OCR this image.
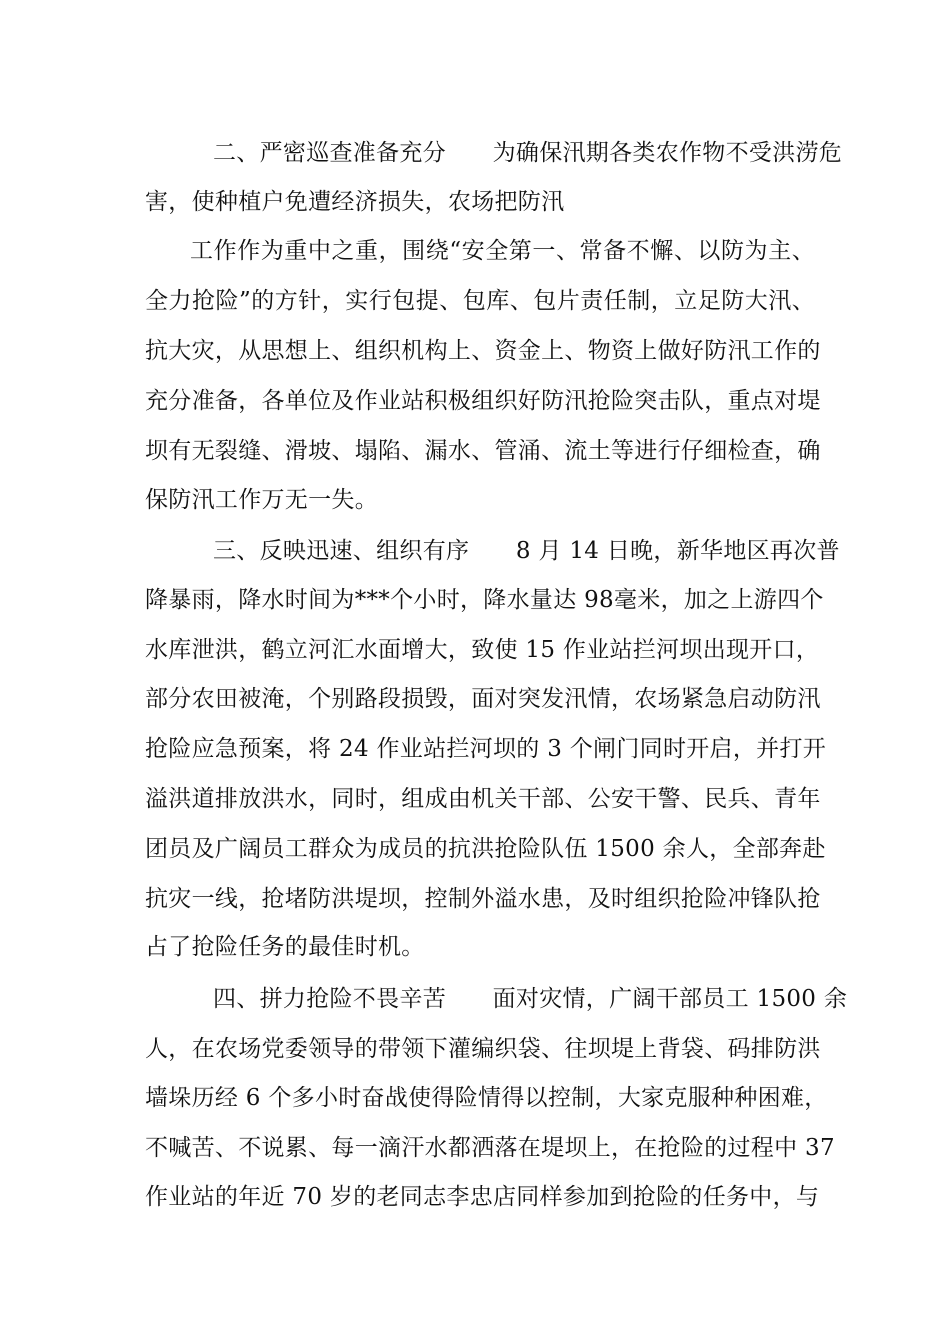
二、严密巡查准备充分　　为确保汛期各类农作物不受洪涝危
害，使种植户免遭经济损失，农场把防汛
工作作为重中之重，围绕“安全第一、常备不懈、以防为主、
全力抢险”的方针，实行包提、包库、包片责任制，立足防大汛、
抗大灾，从思想上、组织机构上、资金上、物资上做好防汛工作的
充分准备，各单位及作业站积极组织好防汛抢险突击队，重点对堤
坝有无裂缝、滑坡、塌陷、漏水、管涌、流土等进行仔细检查，确
保防汛工作万无一失。
三、反映迅速、组织有序　　8 月 14 日晚，新华地区再次普
降暴雨，降水时间为***个小时，降水量达 98毫米，加之上游四个
水库泄洪，鹤立河汇水面增大，致使 15 作业站拦河坝出现开口，
部分农田被淹，个别路段损毁，面对突发汛情，农场紧急启动防汛
抢险应急预案，将 24 作业站拦河坝的 3 个闸门同时开启，并打开
溢洪道排放洪水，同时，组成由机关干部、公安干警、民兵、青年
团员及广阔员工群众为成员的抗洪抢险队伍 1500 余人，全部奔赴
抗灾一线，抢堵防洪堤坝，控制外溢水患，及时组织抢险冲锋队抢
占了抢险任务的最佳时机。
四、拼力抢险不畏辛苦　　面对灾情，广阔干部员工 1500 余
人，在农场党委领导的带领下灌编织袋、往坝堤上背袋、码排防洪
墙垛历经 6 个多小时奋战使得险情得以控制，大家克服种种困难，
不喊苦、不说累、每一滴汗水都洒落在堤坝上，在抢险的过程中 37
作业站的年近 70 岁的老同志李忠店同样参加到抢险的任务中，与
